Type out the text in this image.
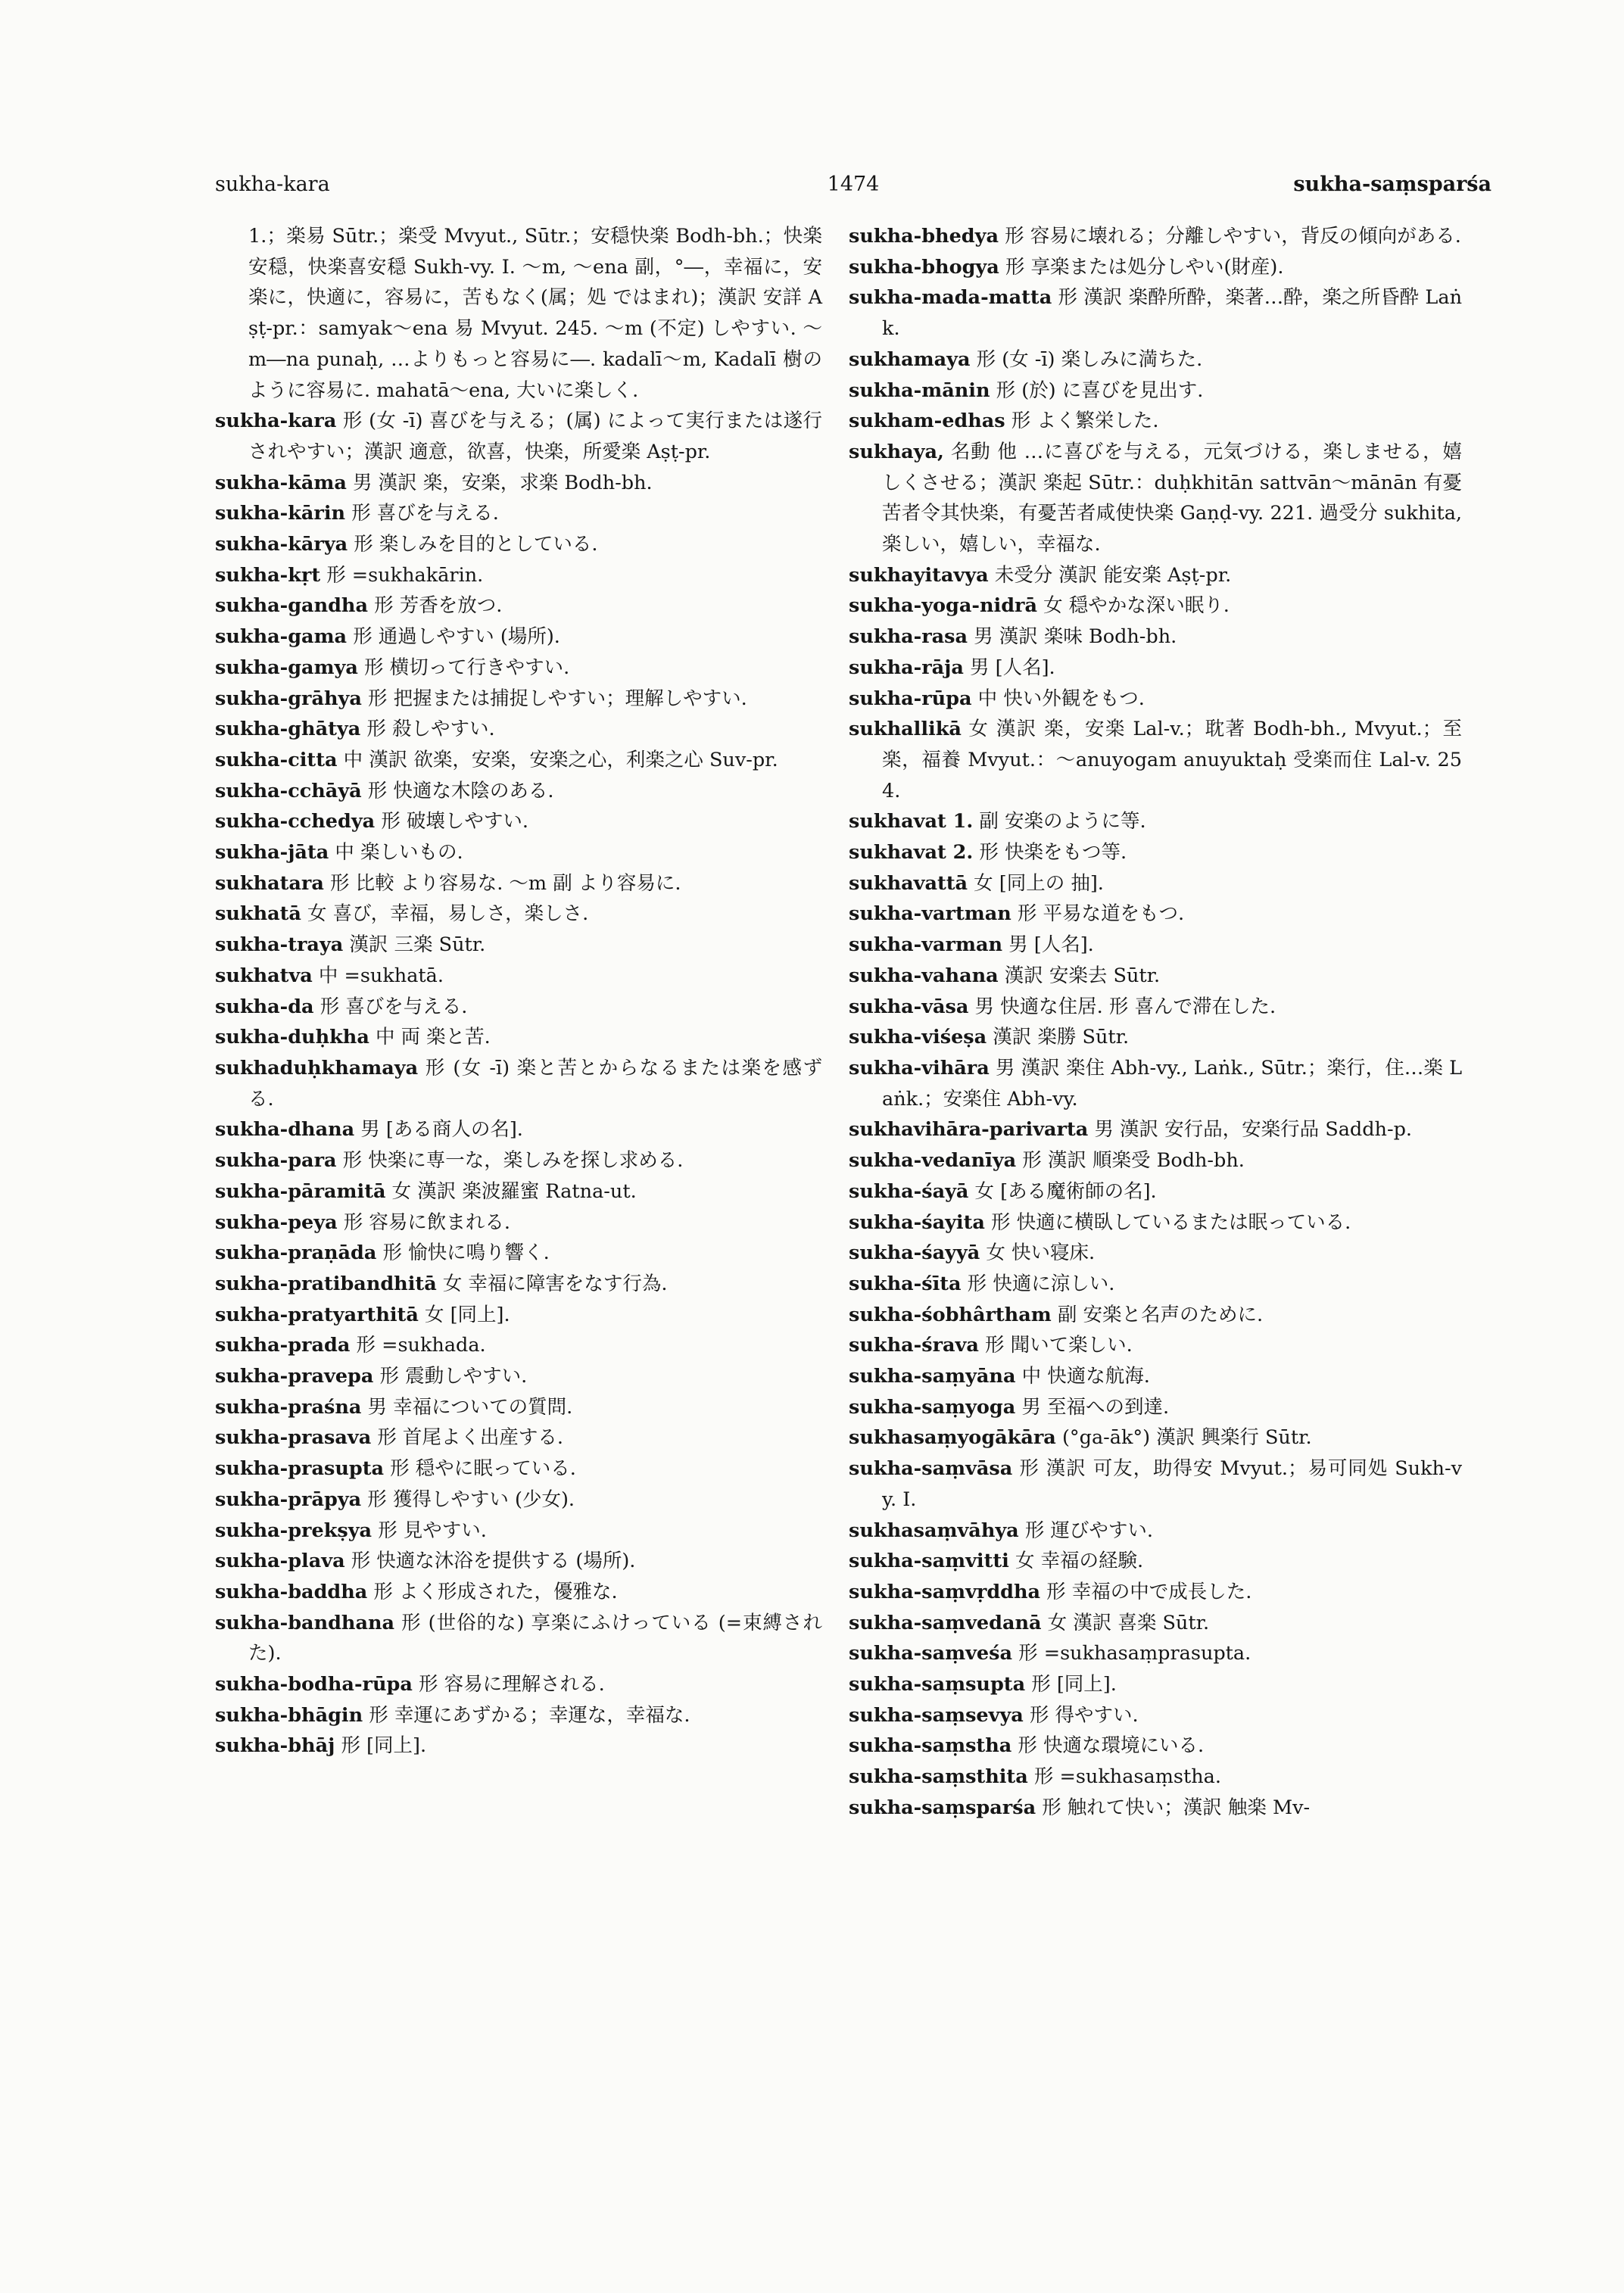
sukha-kara	1474	sukha-saṃsparśa
1.；楽易 Sūtr.；楽受 Mvyut., Sūtr.；安穏快楽 Bodh-bh.；快楽安穏，快楽喜安穏 Sukh-vy. I. ～m, ～ena 副，°―，幸福に，安楽に，快適に，容易に，苦もなく(属；処 ではまれ)；漢訳 安詳 Aṣṭ-pr.：samyak～ena 易 Mvyut. 245. ～m (不定) しやすい. ～m―na punaḥ, …よりもっと容易に―. kadalī～m, Kadalī 樹のように容易に. mahatā～ena, 大いに楽しく.
sukha-kara 形 (女 -ī) 喜びを与える；(属) によって実行または遂行されやすい；漢訳 適意，欲喜，快楽，所愛楽 Aṣṭ-pr.
sukha-kāma 男 漢訳 楽，安楽，求楽 Bodh-bh.
sukha-kārin 形 喜びを与える.
sukha-kārya 形 楽しみを目的としている.
sukha-kṛt 形 =sukhakārin.
sukha-gandha 形 芳香を放つ.
sukha-gama 形 通過しやすい (場所).
sukha-gamya 形 横切って行きやすい.
sukha-grāhya 形 把握または捕捉しやすい；理解しやすい.
sukha-ghātya 形 殺しやすい.
sukha-citta 中 漢訳 欲楽，安楽，安楽之心，利楽之心 Suv-pr.
sukha-cchāyā 形 快適な木陰のある.
sukha-cchedya 形 破壊しやすい.
sukha-jāta 中 楽しいもの.
sukhatara 形 比較 より容易な. ～m 副 より容易に.
sukhatā 女 喜び，幸福，易しさ，楽しさ.
sukha-traya 漢訳 三楽 Sūtr.
sukhatva 中 =sukhatā.
sukha-da 形 喜びを与える.
sukha-duḥkha 中 両 楽と苦.
sukhaduḥkhamaya 形 (女 -ī) 楽と苦とからなるまたは楽を感ずる.
sukha-dhana 男 [ある商人の名].
sukha-para 形 快楽に専一な，楽しみを探し求める.
sukha-pāramitā 女 漢訳 楽波羅蜜 Ratna-ut.
sukha-peya 形 容易に飲まれる.
sukha-praṇāda 形 愉快に鳴り響く.
sukha-pratibandhitā 女 幸福に障害をなす行為.
sukha-pratyarthitā 女 [同上].
sukha-prada 形 =sukhada.
sukha-pravepa 形 震動しやすい.
sukha-praśna 男 幸福についての質問.
sukha-prasava 形 首尾よく出産する.
sukha-prasupta 形 穏やに眠っている.
sukha-prāpya 形 獲得しやすい (少女).
sukha-prekṣya 形 見やすい.
sukha-plava 形 快適な沐浴を提供する (場所).
sukha-baddha 形 よく形成された，優雅な.
sukha-bandhana 形 (世俗的な) 享楽にふけっている (=束縛された).
sukha-bodha-rūpa 形 容易に理解される.
sukha-bhāgin 形 幸運にあずかる；幸運な，幸福な.
sukha-bhāj 形 [同上].
sukha-bhedya 形 容易に壊れる；分離しやすい，背反の傾向がある.
sukha-bhogya 形 享楽または処分しやい(財産).
sukha-mada-matta 形 漢訳 楽酔所酔，楽著…酔，楽之所昏酔 Laṅk.
sukhamaya 形 (女 -ī) 楽しみに満ちた.
sukha-mānin 形 (於) に喜びを見出す.
sukham-edhas 形 よく繁栄した.
sukhaya, 名動 他 …に喜びを与える，元気づける，楽しませる，嬉しくさせる；漢訳 楽起 Sūtr.：duḥkhitān sattvān～mānān 有憂苦者令其快楽，有憂苦者咸使快楽 Gaṇḍ-vy. 221. 過受分 sukhita, 楽しい，嬉しい，幸福な.
sukhayitavya 未受分 漢訳 能安楽 Aṣṭ-pr.
sukha-yoga-nidrā 女 穏やかな深い眠り.
sukha-rasa 男 漢訳 楽味 Bodh-bh.
sukha-rāja 男 [人名].
sukha-rūpa 中 快い外観をもつ.
sukhallikā 女 漢訳 楽，安楽 Lal-v.；耽著 Bodh-bh., Mvyut.；至楽，福養 Mvyut.：～anuyogam anuyuktaḥ 受楽而住 Lal-v. 254.
sukhavat 1. 副 安楽のように等.
sukhavat 2. 形 快楽をもつ等.
sukhavattā 女 [同上の 抽].
sukha-vartman 形 平易な道をもつ.
sukha-varman 男 [人名].
sukha-vahana 漢訳 安楽去 Sūtr.
sukha-vāsa 男 快適な住居. 形 喜んで滞在した.
sukha-viśeṣa 漢訳 楽勝 Sūtr.
sukha-vihāra 男 漢訳 楽住 Abh-vy., Laṅk., Sūtr.；楽行，住…楽 Laṅk.；安楽住 Abh-vy.
sukhavihāra-parivarta 男 漢訳 安行品，安楽行品 Saddh-p.
sukha-vedanīya 形 漢訳 順楽受 Bodh-bh.
sukha-śayā 女 [ある魔術師の名].
sukha-śayita 形 快適に横臥しているまたは眠っている.
sukha-śayyā 女 快い寝床.
sukha-śīta 形 快適に涼しい.
sukha-śobhârtham 副 安楽と名声のために.
sukha-śrava 形 聞いて楽しい.
sukha-saṃyāna 中 快適な航海.
sukha-saṃyoga 男 至福への到達.
sukhasaṃyogākāra (°ga-āk°) 漢訳 興楽行 Sūtr.
sukha-saṃvāsa 形 漢訳 可友，助得安 Mvyut.；易可同処 Sukh-vy. I.
sukhasaṃvāhya 形 運びやすい.
sukha-saṃvitti 女 幸福の経験.
sukha-saṃvṛddha 形 幸福の中で成長した.
sukha-saṃvedanā 女 漢訳 喜楽 Sūtr.
sukha-saṃveśa 形 =sukhasaṃprasupta.
sukha-saṃsupta 形 [同上].
sukha-saṃsevya 形 得やすい.
sukha-saṃstha 形 快適な環境にいる.
sukha-saṃsthita 形 =sukhasaṃstha.
sukha-saṃsparśa 形 触れて快い；漢訳 触楽 Mv-
